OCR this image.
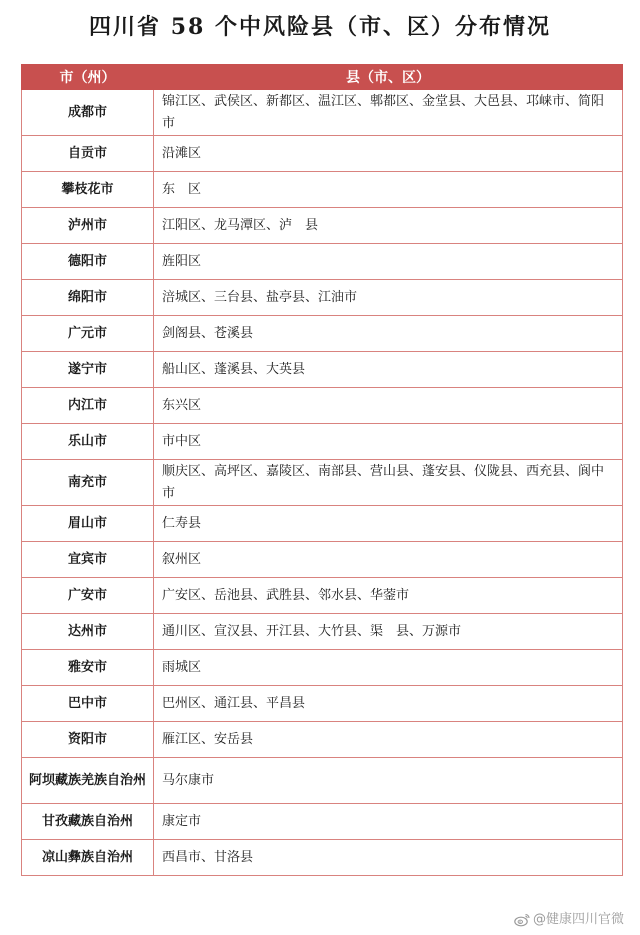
四川省 58 个中风险县（市、区）分布情况
市（州）	县（市、区）
成都市	锦江区、武侯区、新都区、温江区、郫都区、金堂县、大邑县、邛崃市、简阳市
自贡市	沿滩区
攀枝花市	东　区
泸州市	江阳区、龙马潭区、泸　县
德阳市	旌阳区
绵阳市	涪城区、三台县、盐亭县、江油市
广元市	剑阁县、苍溪县
遂宁市	船山区、蓬溪县、大英县
内江市	东兴区
乐山市	市中区
南充市	顺庆区、高坪区、嘉陵区、南部县、营山县、蓬安县、仪陇县、西充县、阆中市
眉山市	仁寿县
宜宾市	叙州区
广安市	广安区、岳池县、武胜县、邻水县、华蓥市
达州市	通川区、宣汉县、开江县、大竹县、渠　县、万源市
雅安市	雨城区
巴中市	巴州区、通江县、平昌县
资阳市	雁江区、安岳县
阿坝藏族羌族自治州	马尔康市
甘孜藏族自治州	康定市
凉山彝族自治州	西昌市、甘洛县
@健康四川官微
